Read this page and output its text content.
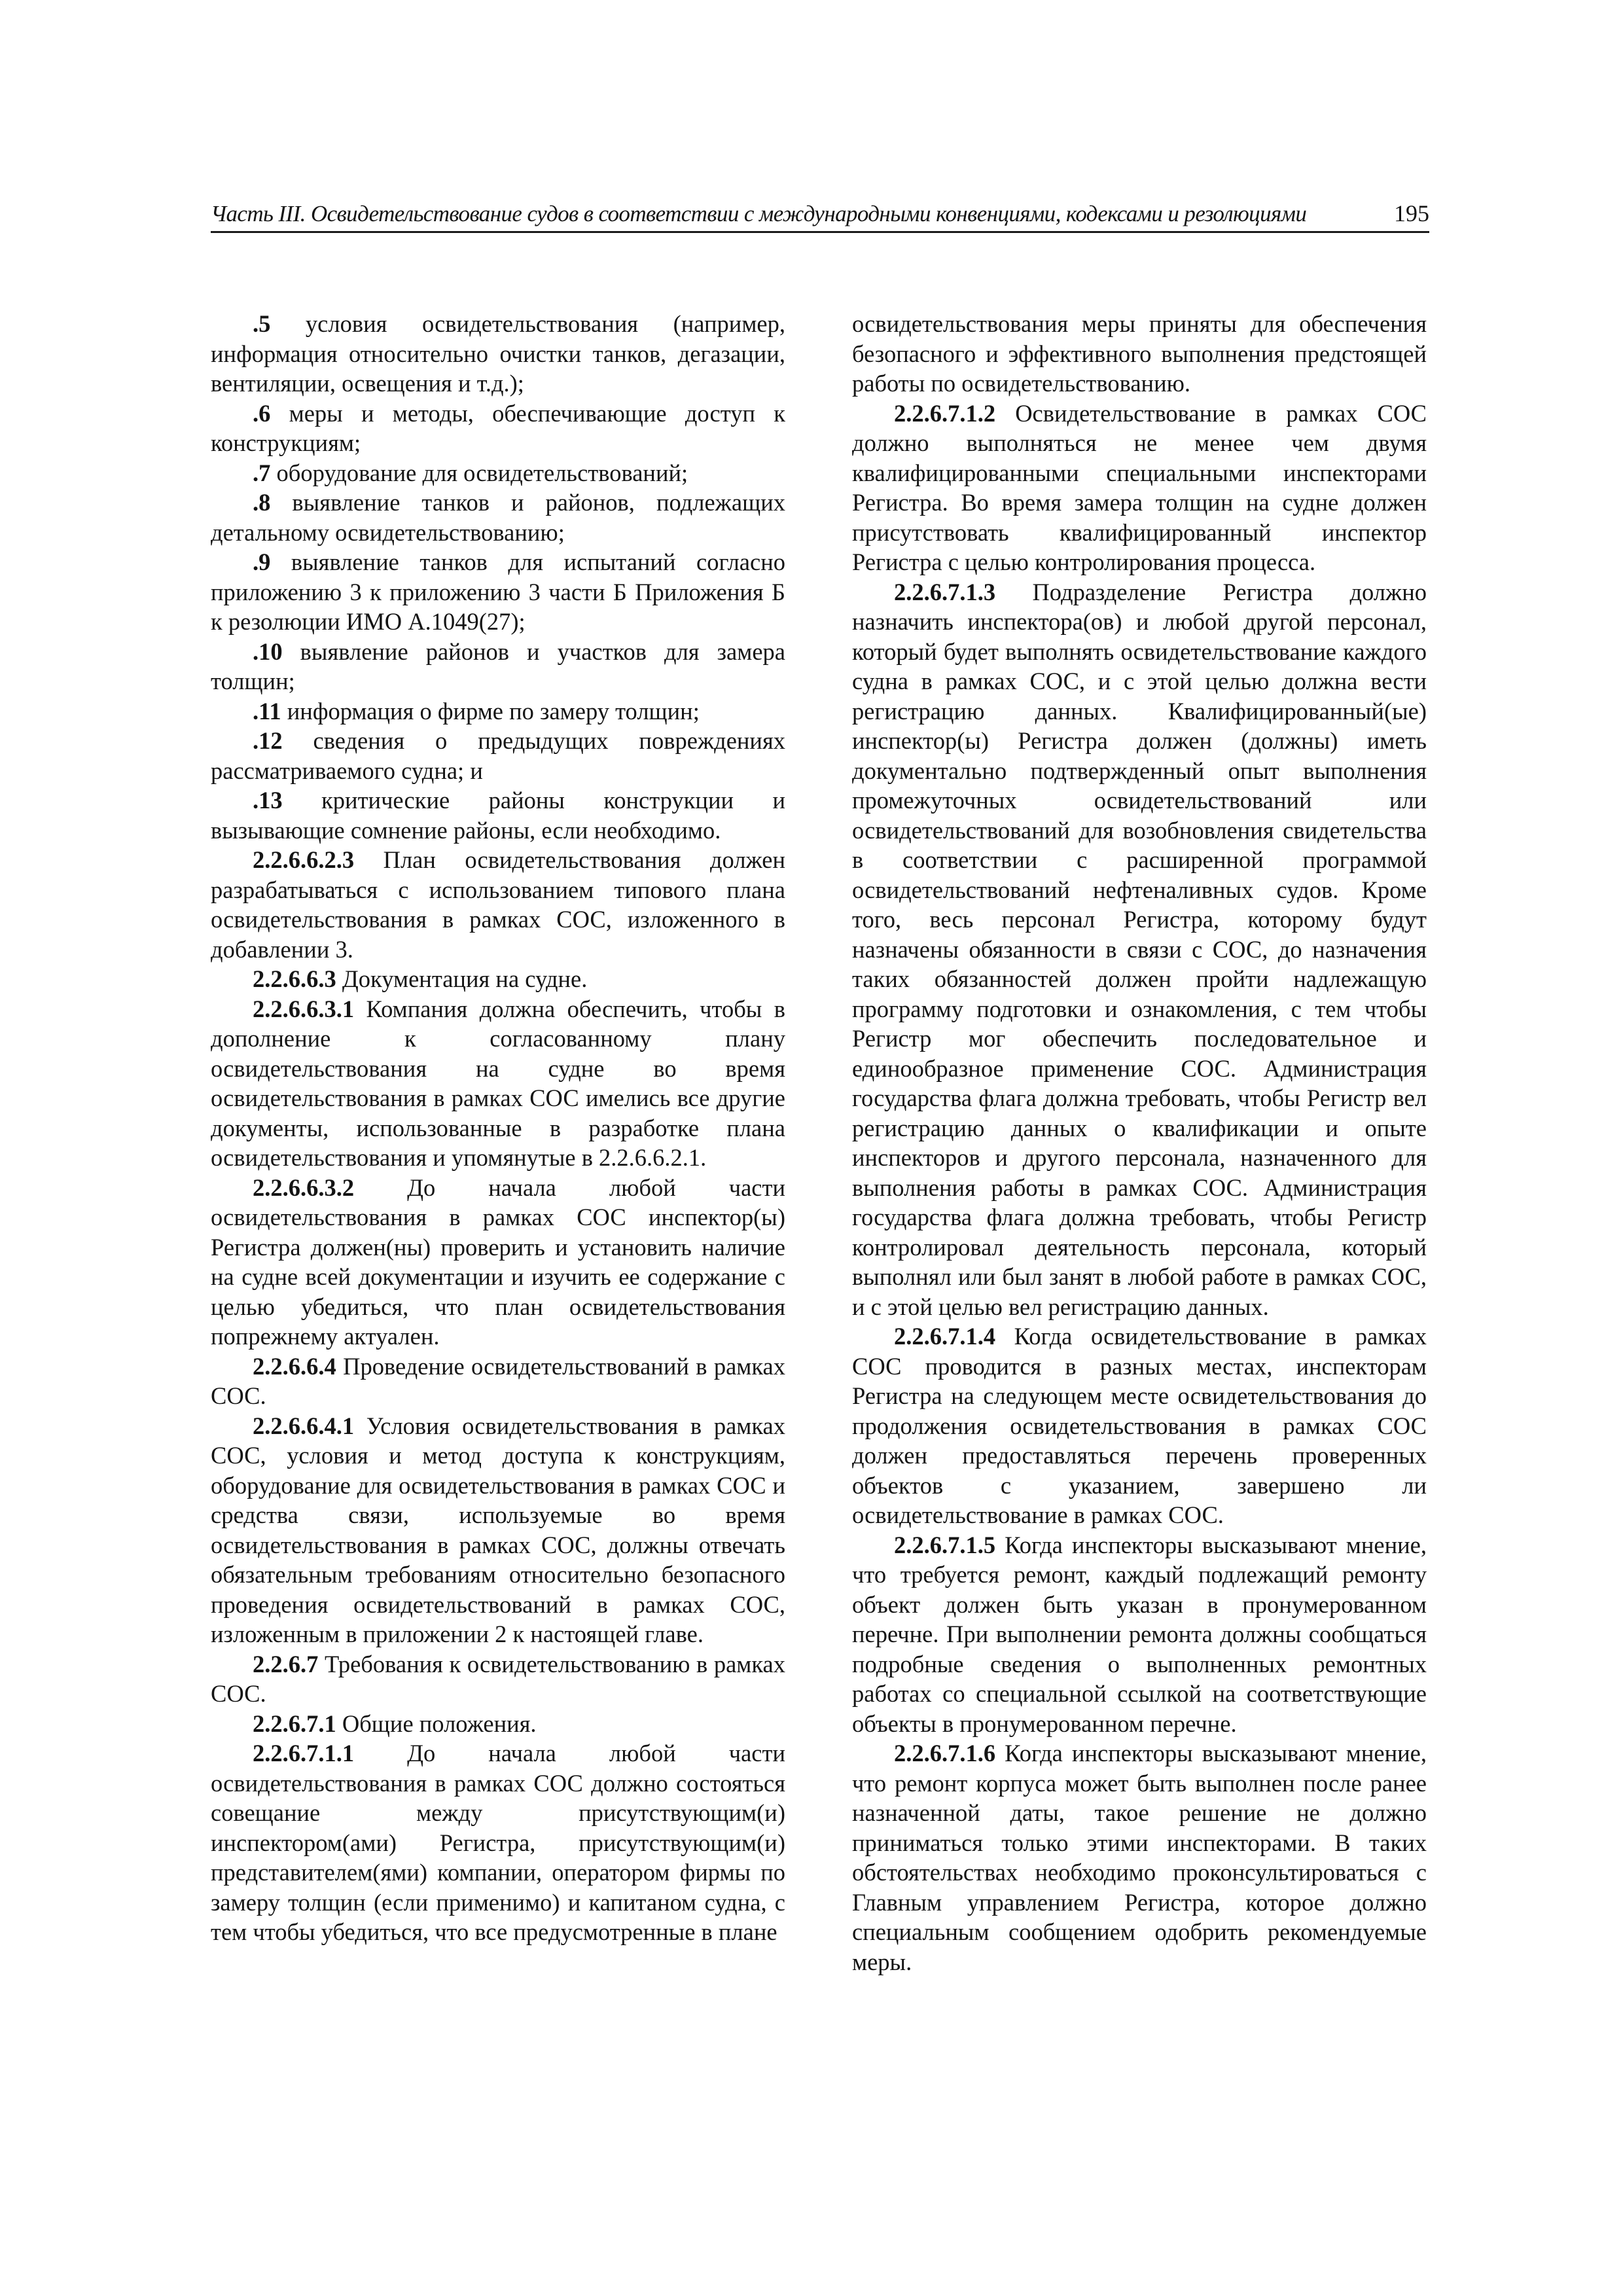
Часть III. Освидетельствование судов в соответствии с международными конвенциями, кодексами и резолюциями	195

.5 условия освидетельствования (например, информация относительно очистки танков, дегазации, вентиляции, освещения и т.д.);

.6 меры и методы, обеспечивающие доступ к конструкциям;

.7 оборудование для освидетельствований;

.8 выявление танков и районов, подлежащих детальному освидетельствованию;

.9 выявление танков для испытаний согласно приложению 3 к приложению 3 части Б Приложения Б к резолюции ИМО А.1049(27);

.10 выявление районов и участков для замера толщин;

.11 информация о фирме по замеру толщин;

.12 сведения о предыдущих повреждениях рассматриваемого судна; и

.13 критические районы конструкции и вызывающие сомнение районы, если необходимо.

2.2.6.6.2.3 План освидетельствования должен разрабатываться с использованием типового плана освидетельствования в рамках СОС, изложенного в добавлении 3.

2.2.6.6.3 Документация на судне.

2.2.6.6.3.1 Компания должна обеспечить, чтобы в дополнение к согласованному плану освидетельствования на судне во время освидетельствования в рамках СОС имелись все другие документы, использованные в разработке плана освидетельствования и упомянутые в 2.2.6.6.2.1.

2.2.6.6.3.2 До начала любой части освидетельствования в рамках СОС инспектор(ы) Регистра должен(ны) проверить и установить наличие на судне всей документации и изучить ее содержание с целью убедиться, что план освидетельствования попрежнему актуален.

2.2.6.6.4 Проведение освидетельствований в рамках СОС.

2.2.6.6.4.1 Условия освидетельствования в рамках СОС, условия и метод доступа к конструкциям, оборудование для освидетельствования в рамках СОС и средства связи, используемые во время освидетельствования в рамках СОС, должны отвечать обязательным требованиям относительно безопасного проведения освидетельствований в рамках СОС, изложенным в приложении 2 к настоящей главе.

2.2.6.7 Требования к освидетельствованию в рамках СОС.

2.2.6.7.1 Общие положения.

2.2.6.7.1.1 До начала любой части освидетельствования в рамках СОС должно состояться совещание между присутствующим(и) инспектором(ами) Регистра, присутствующим(и) представителем(ями) компании, оператором фирмы по замеру толщин (если применимо) и капитаном судна, с тем чтобы убедиться, что все предусмотренные в плане

освидетельствования меры приняты для обеспечения безопасного и эффективного выполнения предстоящей работы по освидетельствованию.

2.2.6.7.1.2 Освидетельствование в рамках СОС должно выполняться не менее чем двумя квалифицированными специальными инспекторами Регистра. Во время замера толщин на судне должен присутствовать квалифицированный инспектор Регистра с целью контролирования процесса.

2.2.6.7.1.3 Подразделение Регистра должно назначить инспектора(ов) и любой другой персонал, который будет выполнять освидетельствование каждого судна в рамках СОС, и с этой целью должна вести регистрацию данных. Квалифицированный(ые) инспектор(ы) Регистра должен (должны) иметь документально подтвержденный опыт выполнения промежуточных освидетельствований или освидетельствований для возобновления свидетельства в соответствии с расширенной программой освидетельствований нефтеналивных судов. Кроме того, весь персонал Регистра, которому будут назначены обязанности в связи с СОС, до назначения таких обязанностей должен пройти надлежащую программу подготовки и ознакомления, с тем чтобы Регистр мог обеспечить последовательное и единообразное применение СОС. Администрация государства флага должна требовать, чтобы Регистр вел регистрацию данных о квалификации и опыте инспекторов и другого персонала, назначенного для выполнения работы в рамках СОС. Администрация государства флага должна требовать, чтобы Регистр контролировал деятельность персонала, который выполнял или был занят в любой работе в рамках СОС, и с этой целью вел регистрацию данных.

2.2.6.7.1.4 Когда освидетельствование в рамках СОС проводится в разных местах, инспекторам Регистра на следующем месте освидетельствования до продолжения освидетельствования в рамках СОС должен предоставляться перечень проверенных объектов с указанием, завершено ли освидетельствование в рамках СОС.

2.2.6.7.1.5 Когда инспекторы высказывают мнение, что требуется ремонт, каждый подлежащий ремонту объект должен быть указан в пронумерованном перечне. При выполнении ремонта должны сообщаться подробные сведения о выполненных ремонтных работах со специальной ссылкой на соответствующие объекты в пронумерованном перечне.

2.2.6.7.1.6 Когда инспекторы высказывают мнение, что ремонт корпуса может быть выполнен после ранее назначенной даты, такое решение не должно приниматься только этими инспекторами. В таких обстоятельствах необходимо проконсультироваться с Главным управлением Регистра, которое должно специальным сообщением одобрить рекомендуемые меры.
